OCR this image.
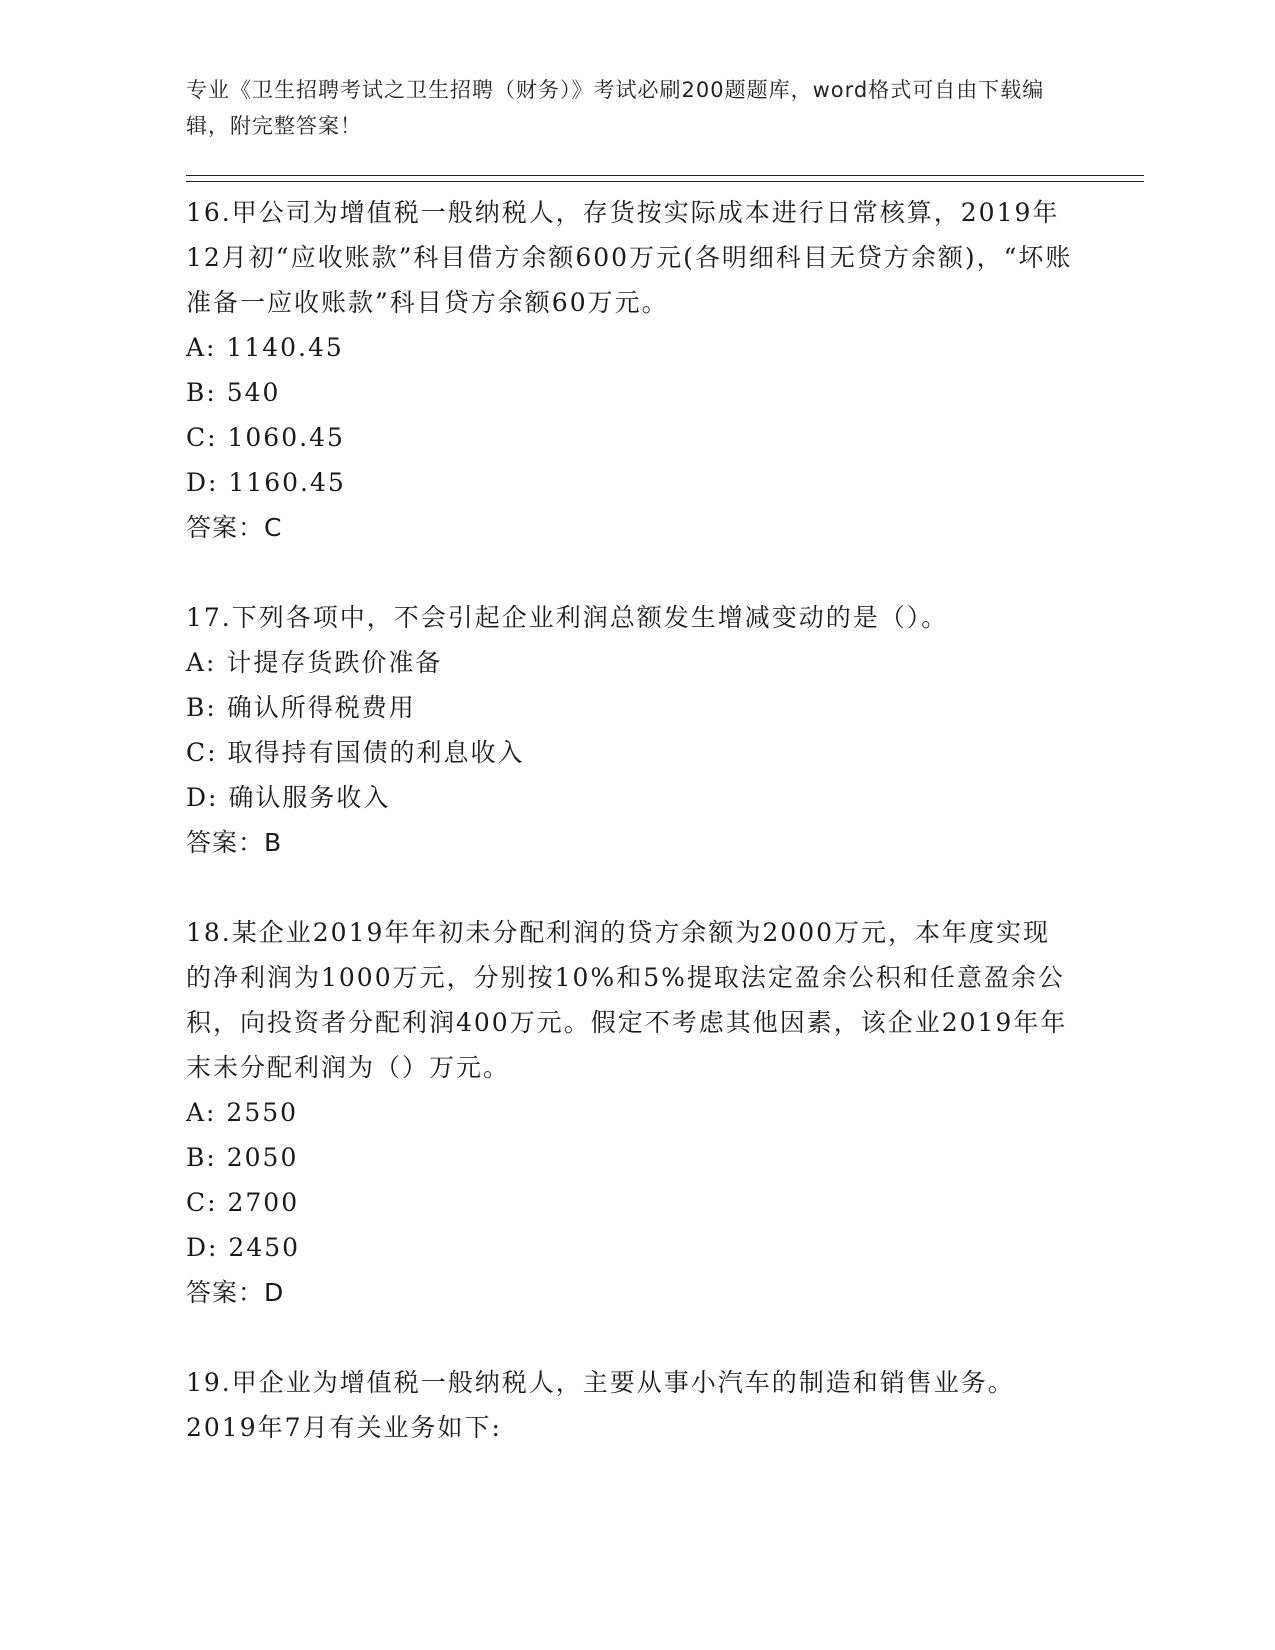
专业《卫生招聘考试之卫生招聘（财务）》考试必刷200题题库，word格式可自由下载编辑，附完整答案！

16.甲公司为增值税一般纳税人，存货按实际成本进行日常核算，2019年12月初“应收账款”科目借方余额600万元(各明细科目无贷方余额)，“坏账准备一应收账款”科目贷方余额60万元。

A: 1140.45

B: 540

C: 1060.45

D: 1160.45

答案：C

17.下列各项中，不会引起企业利润总额发生增减变动的是（）。

A: 计提存货跌价准备

B: 确认所得税费用

C: 取得持有国债的利息收入

D: 确认服务收入

答案：B

18.某企业2019年年初未分配利润的贷方余额为2000万元，本年度实现的净利润为1000万元，分别按10%和5%提取法定盈余公积和任意盈余公积，向投资者分配利润400万元。假定不考虑其他因素，该企业2019年年末未分配利润为（）万元。

A: 2550

B: 2050

C: 2700

D: 2450

答案：D

19.甲企业为增值税一般纳税人，主要从事小汽车的制造和销售业务。2019年7月有关业务如下:
